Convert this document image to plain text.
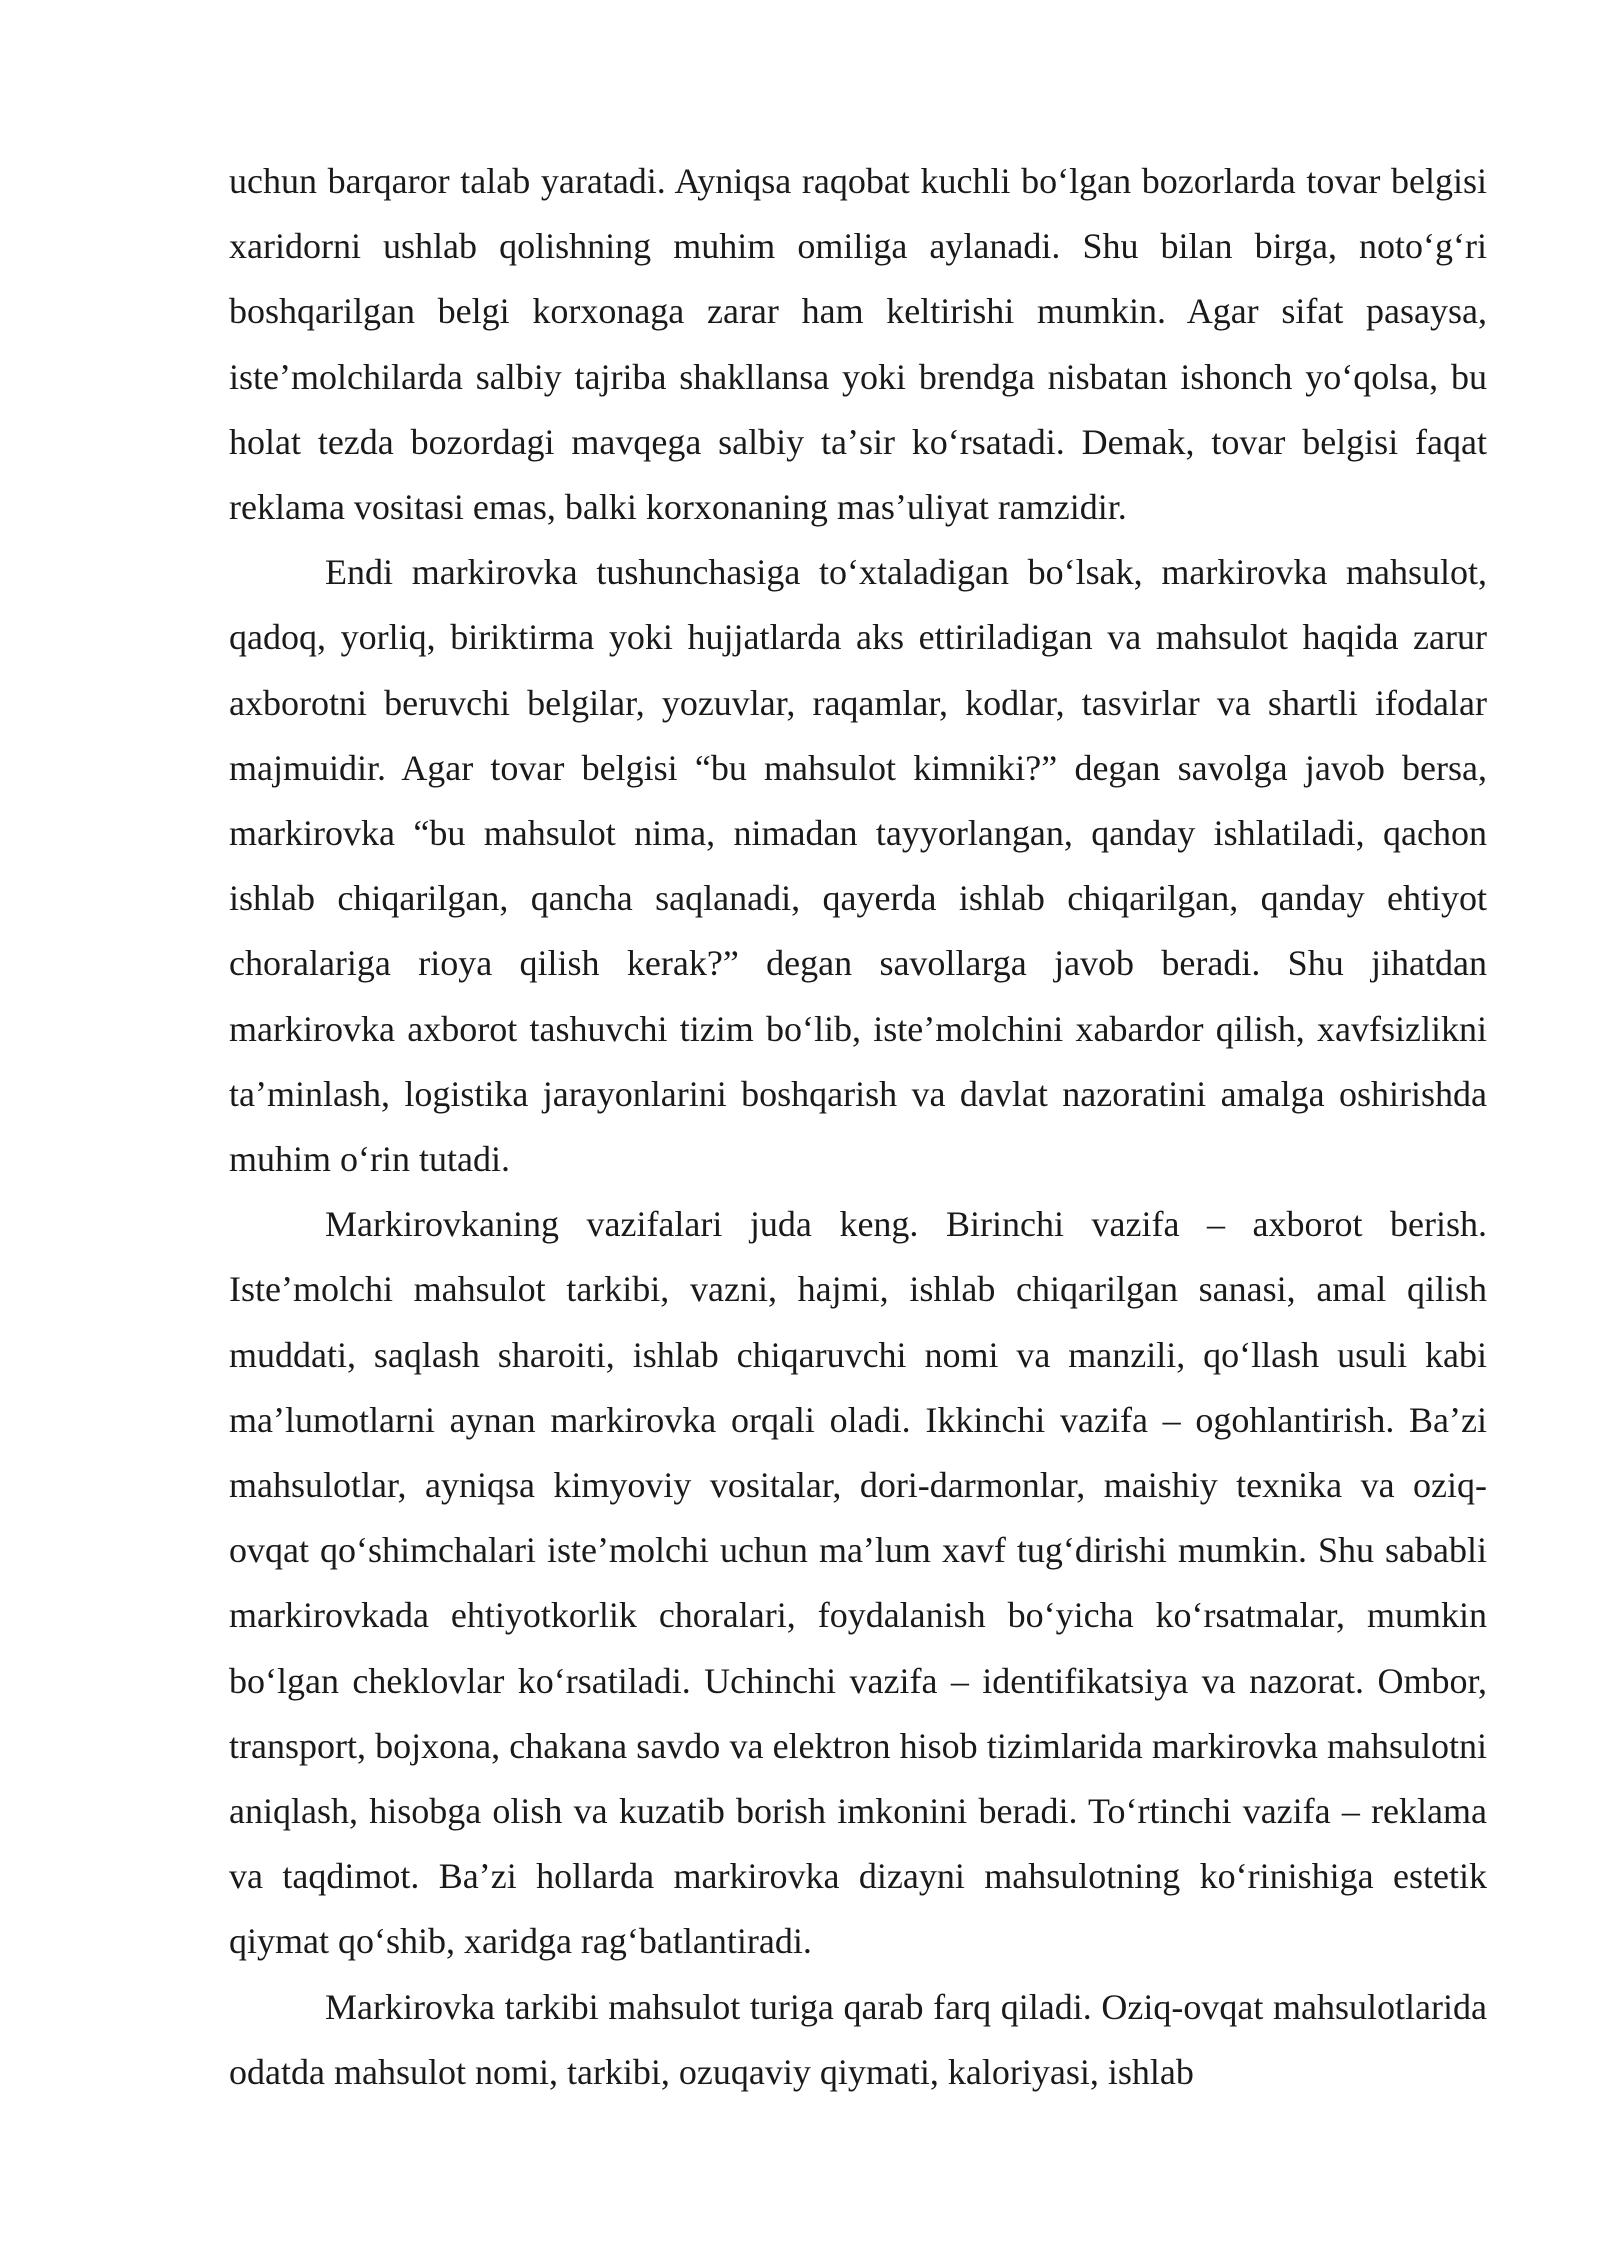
uchun barqaror talab yaratadi. Ayniqsa raqobat kuchli boʻlgan bozorlarda tovar belgisi xaridorni ushlab qolishning muhim omiliga aylanadi. Shu bilan birga, notoʻgʻri boshqarilgan belgi korxonaga zarar ham keltirishi mumkin. Agar sifat pasaysa, isteʼmolchilarda salbiy tajriba shakllansa yoki brendga nisbatan ishonch yoʻqolsa, bu holat tezda bozordagi mavqega salbiy taʼsir koʻrsatadi. Demak, tovar belgisi faqat reklama vositasi emas, balki korxonaning masʼuliyat ramzidir.

Endi markirovka tushunchasiga toʻxtaladigan boʻlsak, markirovka mahsulot, qadoq, yorliq, biriktirma yoki hujjatlarda aks ettiriladigan va mahsulot haqida zarur axborotni beruvchi belgilar, yozuvlar, raqamlar, kodlar, tasvirlar va shartli ifodalar majmuidir. Agar tovar belgisi “bu mahsulot kimniki?” degan savolga javob bersa, markirovka “bu mahsulot nima, nimadan tayyorlangan, qanday ishlatiladi, qachon ishlab chiqarilgan, qancha saqlanadi, qayerda ishlab chiqarilgan, qanday ehtiyot choralariga rioya qilish kerak?” degan savollarga javob beradi. Shu jihatdan markirovka axborot tashuvchi tizim boʻlib, isteʼmolchini xabardor qilish, xavfsizlikni taʼminlash, logistika jarayonlarini boshqarish va davlat nazoratini amalga oshirishda muhim oʻrin tutadi.

Markirovkaning vazifalari juda keng. Birinchi vazifa – axborot berish. Isteʼmolchi mahsulot tarkibi, vazni, hajmi, ishlab chiqarilgan sanasi, amal qilish muddati, saqlash sharoiti, ishlab chiqaruvchi nomi va manzili, qoʻllash usuli kabi maʼlumotlarni aynan markirovka orqali oladi. Ikkinchi vazifa – ogohlantirish. Baʼzi mahsulotlar, ayniqsa kimyoviy vositalar, dori-darmonlar, maishiy texnika va oziq-ovqat qoʻshimchalari isteʼmolchi uchun maʼlum xavf tugʻdirishi mumkin. Shu sababli markirovkada ehtiyotkorlik choralari, foydalanish boʻyicha koʻrsatmalar, mumkin boʻlgan cheklovlar koʻrsatiladi. Uchinchi vazifa – identifikatsiya va nazorat. Ombor, transport, bojxona, chakana savdo va elektron hisob tizimlarida markirovka mahsulotni aniqlash, hisobga olish va kuzatib borish imkonini beradi. Toʻrtinchi vazifa – reklama va taqdimot. Baʼzi hollarda markirovka dizayni mahsulotning koʻrinishiga estetik qiymat qoʻshib, xaridga ragʻbatlantiradi.

Markirovka tarkibi mahsulot turiga qarab farq qiladi. Oziq-ovqat mahsulotlarida odatda mahsulot nomi, tarkibi, ozuqaviy qiymati, kaloriyasi, ishlab
